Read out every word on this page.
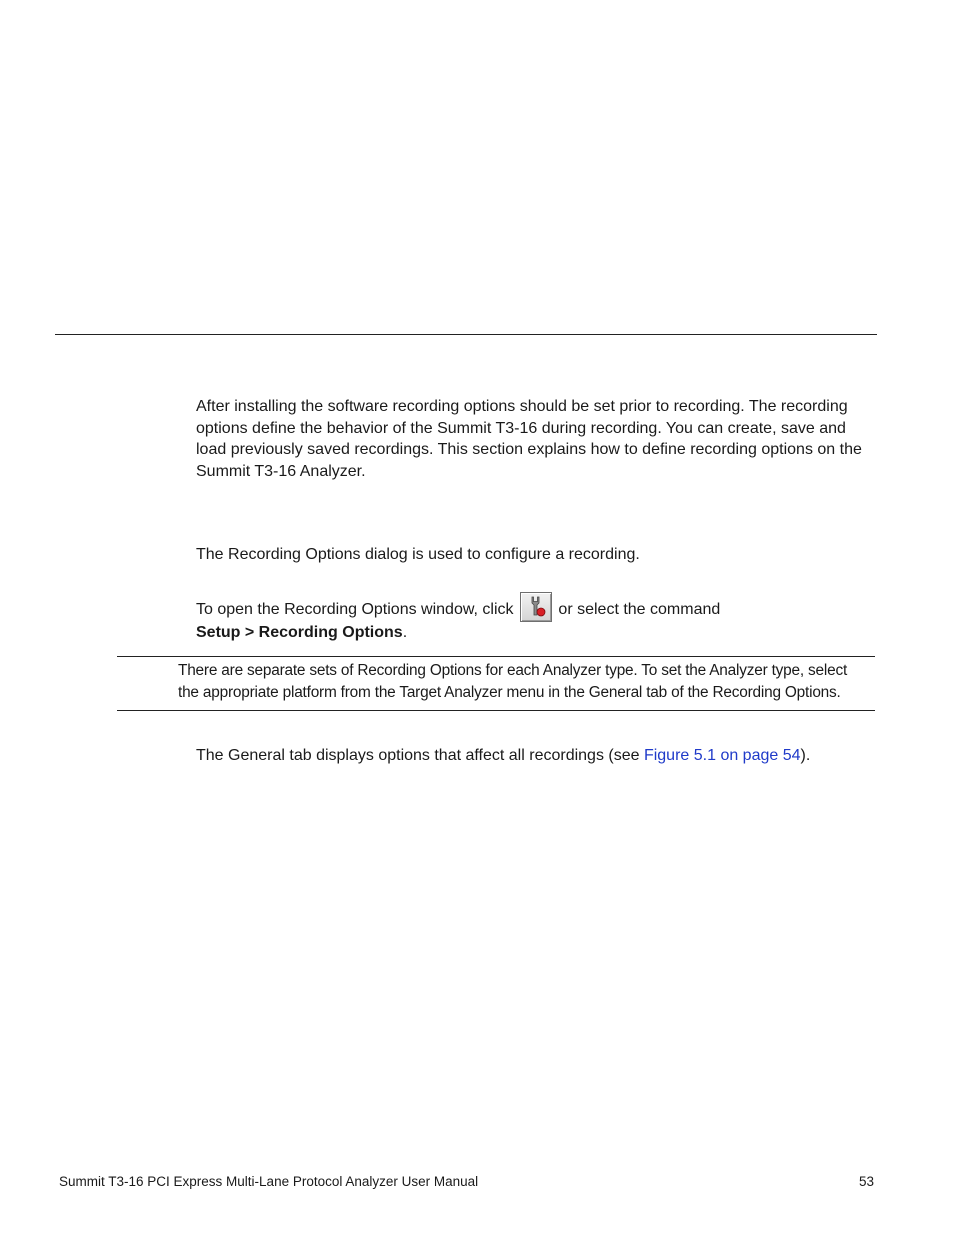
After installing the software recording options should be set prior to recording. The recording options define the behavior of the Summit T3-16 during recording. You can create, save and load previously saved recordings. This section explains how to define recording options on the Summit T3-16 Analyzer.

The Recording Options dialog is used to configure a recording.

To open the Recording Options window, click	or select the command
Setup > Recording Options.

There are separate sets of Recording Options for each Analyzer type. To set the Analyzer type, select the appropriate platform from the Target Analyzer menu in the General tab of the Recording Options.

The General tab displays options that affect all recordings (see Figure 5.1 on page 54).

Summit T3-16 PCI Express Multi-Lane Protocol Analyzer User Manual	53
